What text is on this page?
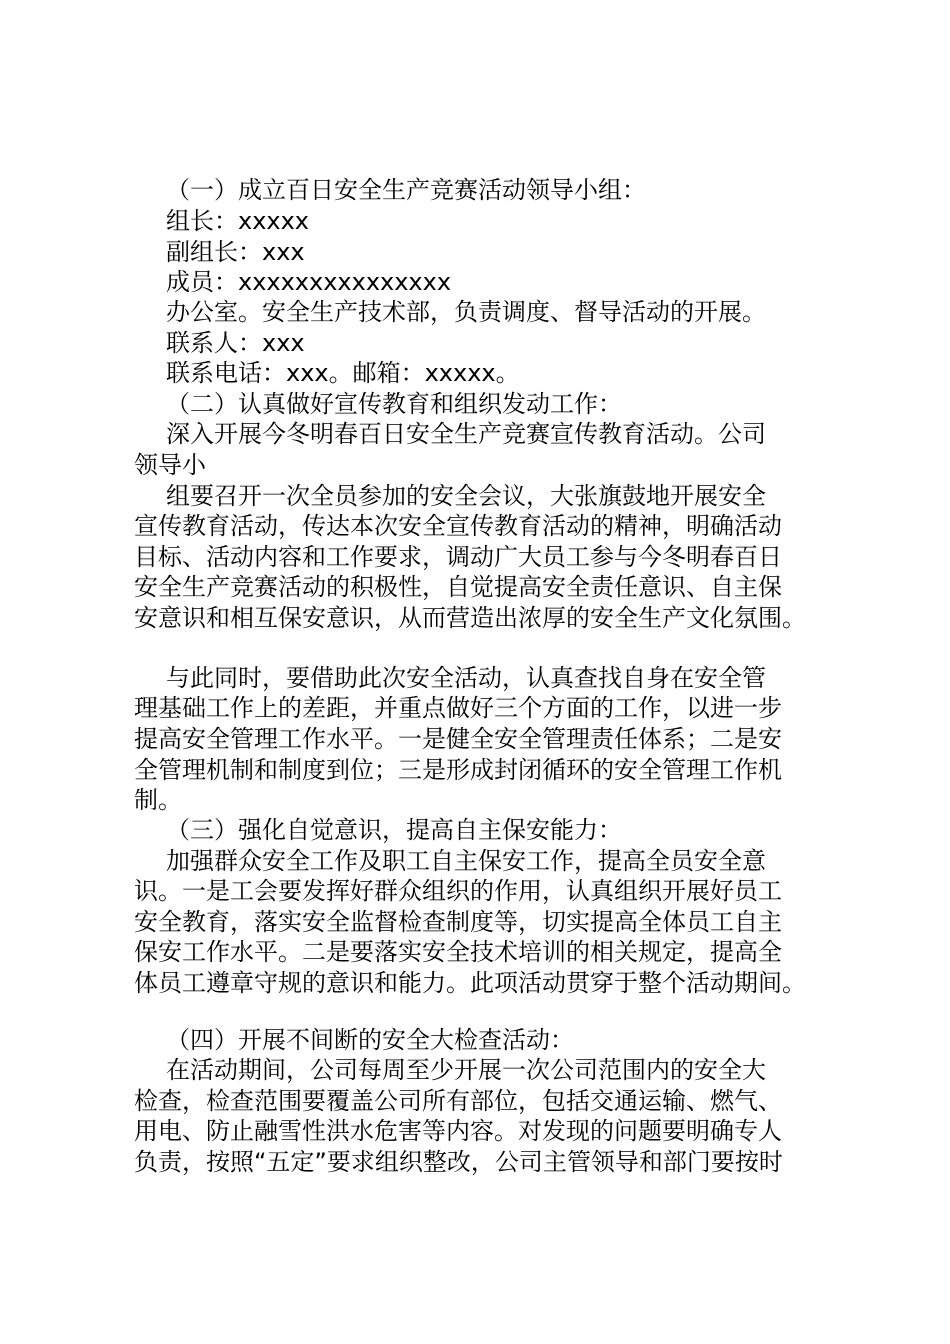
（一）成立百日安全生产竞赛活动领导小组：

组长：xxxxx

副组长：xxx

成员：xxxxxxxxxxxxxxx

办公室。安全生产技术部，负责调度、督导活动的开展。

联系人：xxx

联系电话：xxx。邮箱：xxxxx。

（二）认真做好宣传教育和组织发动工作：

深入开展今冬明春百日安全生产竞赛宣传教育活动。公司

领导小

组要召开一次全员参加的安全会议，大张旗鼓地开展安全

宣传教育活动，传达本次安全宣传教育活动的精神，明确活动

目标、活动内容和工作要求，调动广大员工参与今冬明春百日

安全生产竞赛活动的积极性，自觉提高安全责任意识、自主保

安意识和相互保安意识，从而营造出浓厚的安全生产文化氛围。

与此同时，要借助此次安全活动，认真查找自身在安全管

理基础工作上的差距，并重点做好三个方面的工作，以进一步

提高安全管理工作水平。一是健全安全管理责任体系；二是安

全管理机制和制度到位；三是形成封闭循环的安全管理工作机

制。

（三）强化自觉意识，提高自主保安能力：

加强群众安全工作及职工自主保安工作，提高全员安全意

识。一是工会要发挥好群众组织的作用，认真组织开展好员工

安全教育，落实安全监督检查制度等，切实提高全体员工自主

保安工作水平。二是要落实安全技术培训的相关规定，提高全

体员工遵章守规的意识和能力。此项活动贯穿于整个活动期间。

（四）开展不间断的安全大检查活动：

在活动期间，公司每周至少开展一次公司范围内的安全大

检查，检查范围要覆盖公司所有部位，包括交通运输、燃气、

用电、防止融雪性洪水危害等内容。对发现的问题要明确专人

负责，按照“五定”要求组织整改，公司主管领导和部门要按时
